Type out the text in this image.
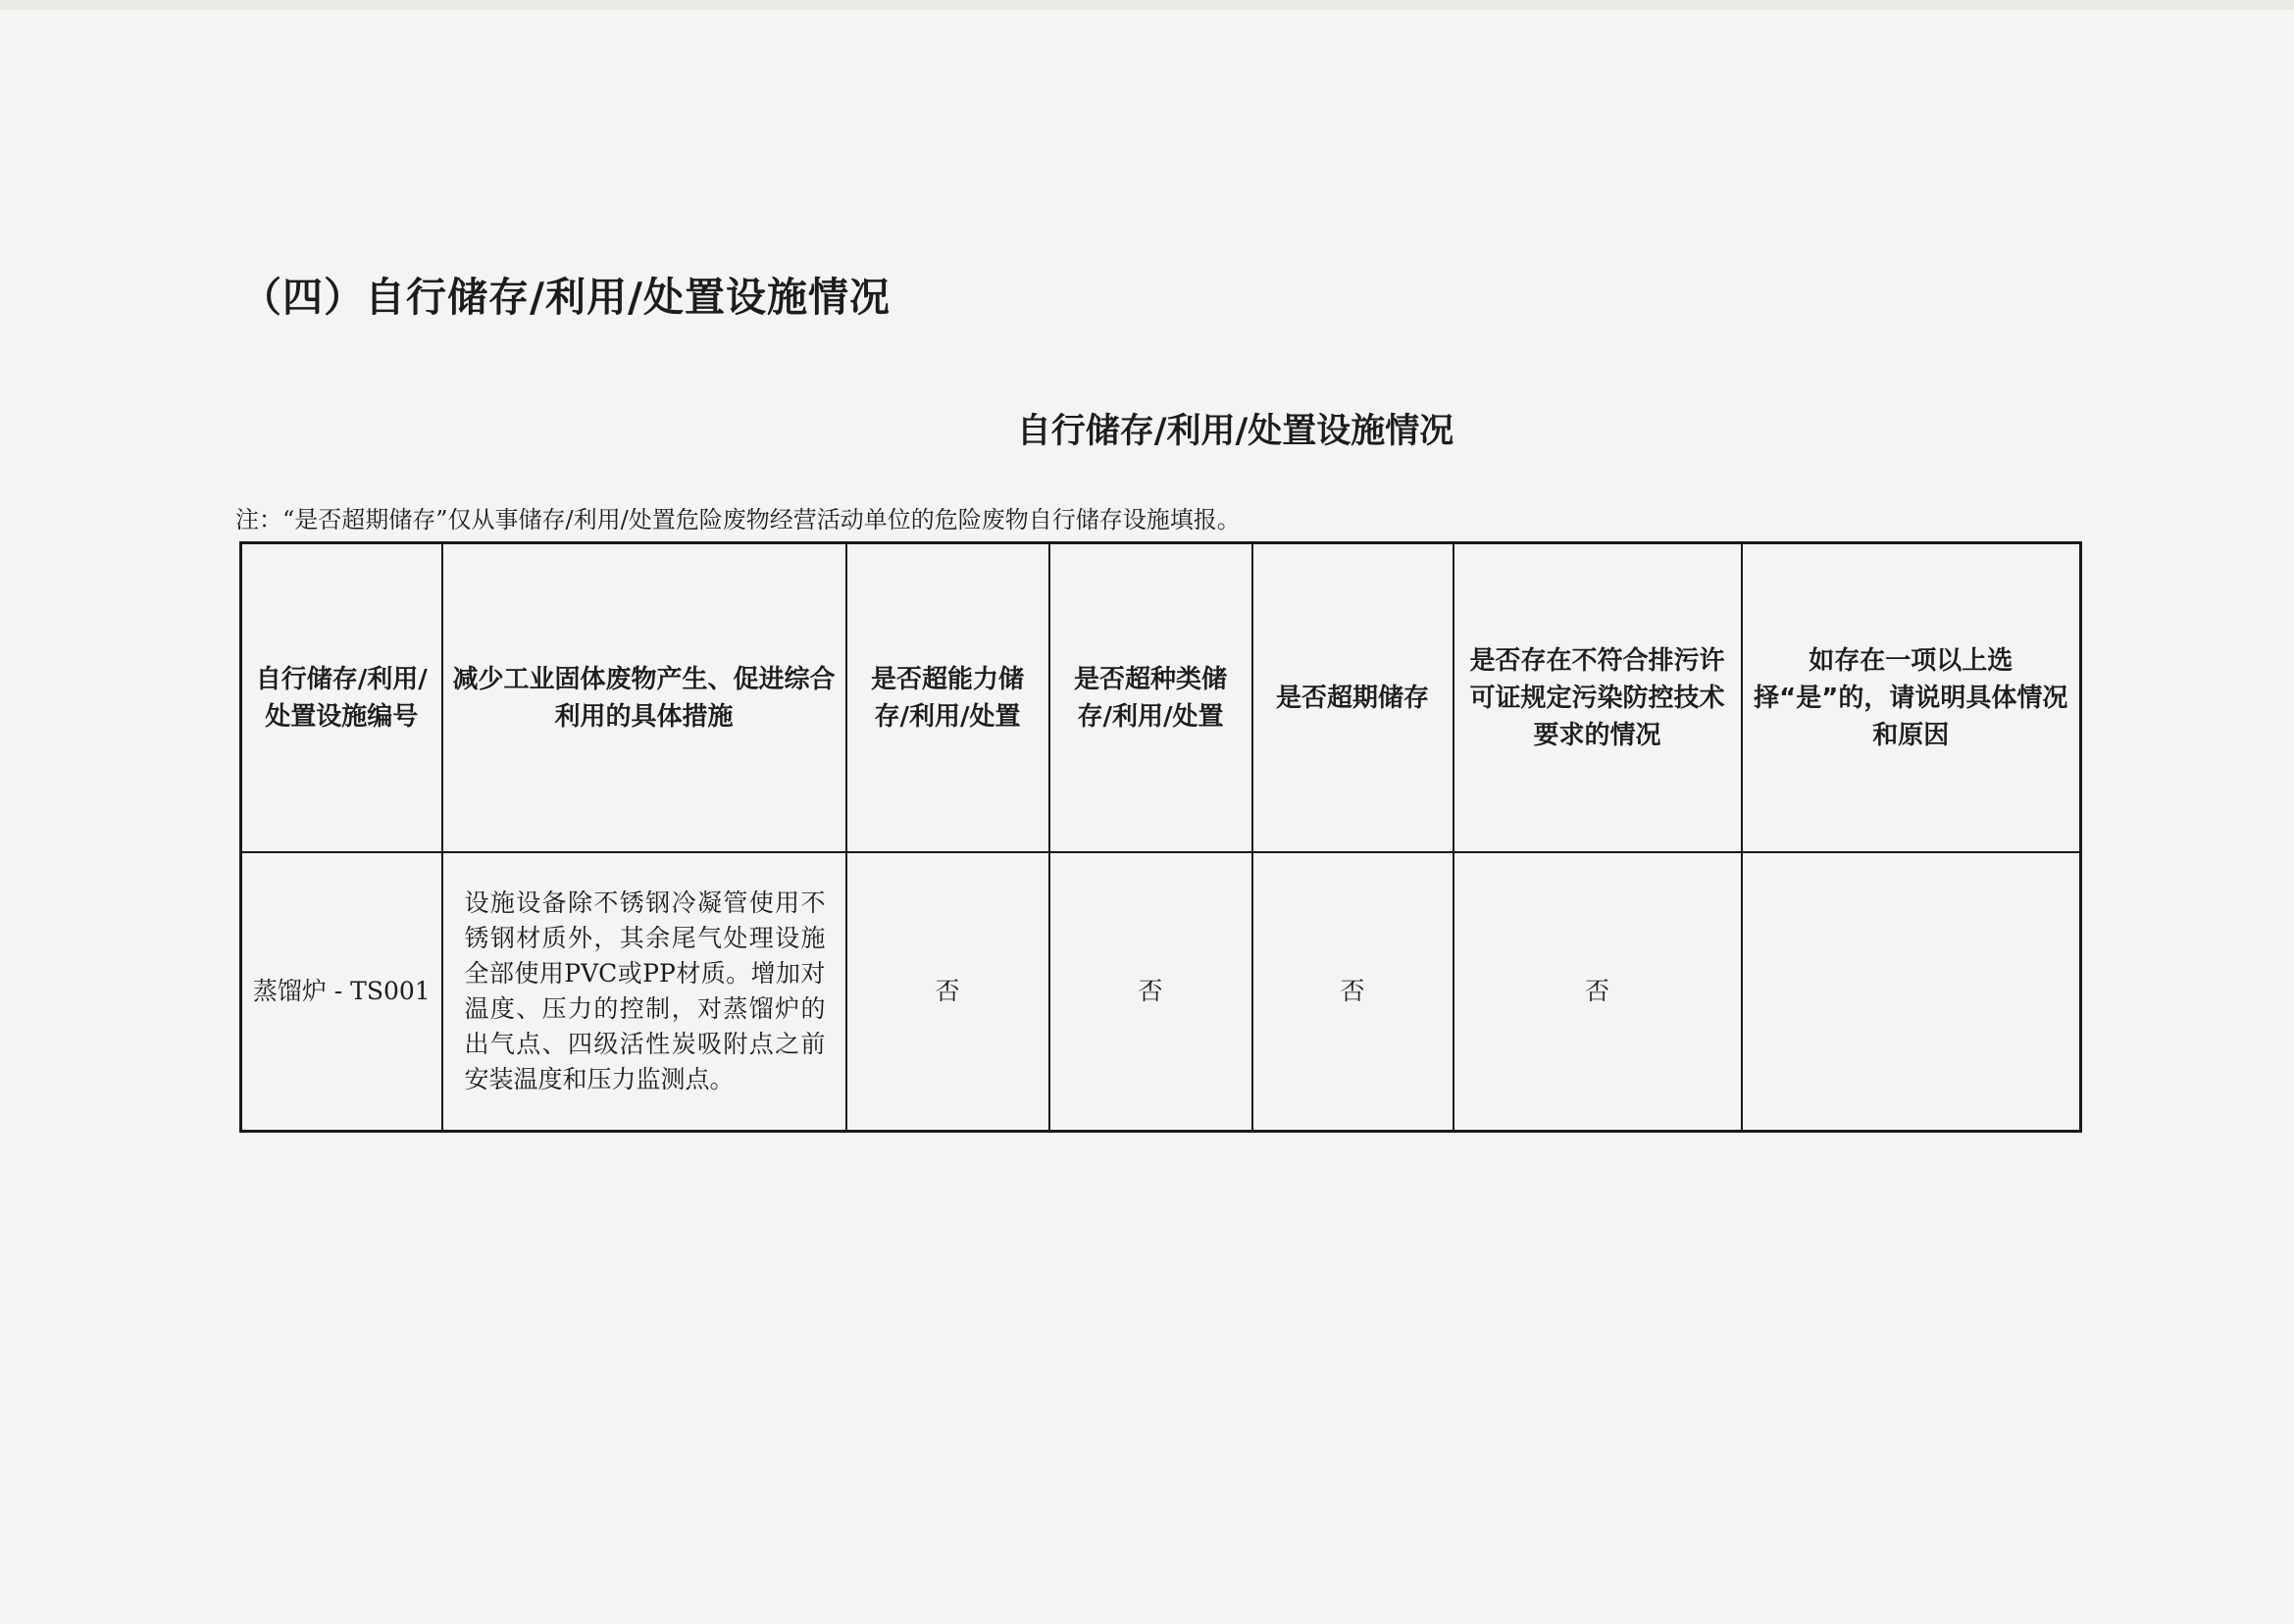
（四）自行储存/利用/处置设施情况
自行储存/利用/处置设施情况
注：“是否超期储存”仅从事储存/利用/处置危险废物经营活动单位的危险废物自行储存设施填报。
自行储存/利用/处置设施编号	减少工业固体废物产生、促进综合利用的具体措施	是否超能力储存/利用/处置	是否超种类储存/利用/处置	是否超期储存	是否存在不符合排污许可证规定污染防控技术要求的情况	如存在一项以上选择“是”的，请说明具体情况和原因
蒸馏炉 - TS001	设施设备除不锈钢冷凝管使用不锈钢材质外，其余尾气处理设施全部使用PVC或PP材质。增加对温度、压力的控制，对蒸馏炉的出气点、四级活性炭吸附点之前安装温度和压力监测点。	否	否	否	否	
